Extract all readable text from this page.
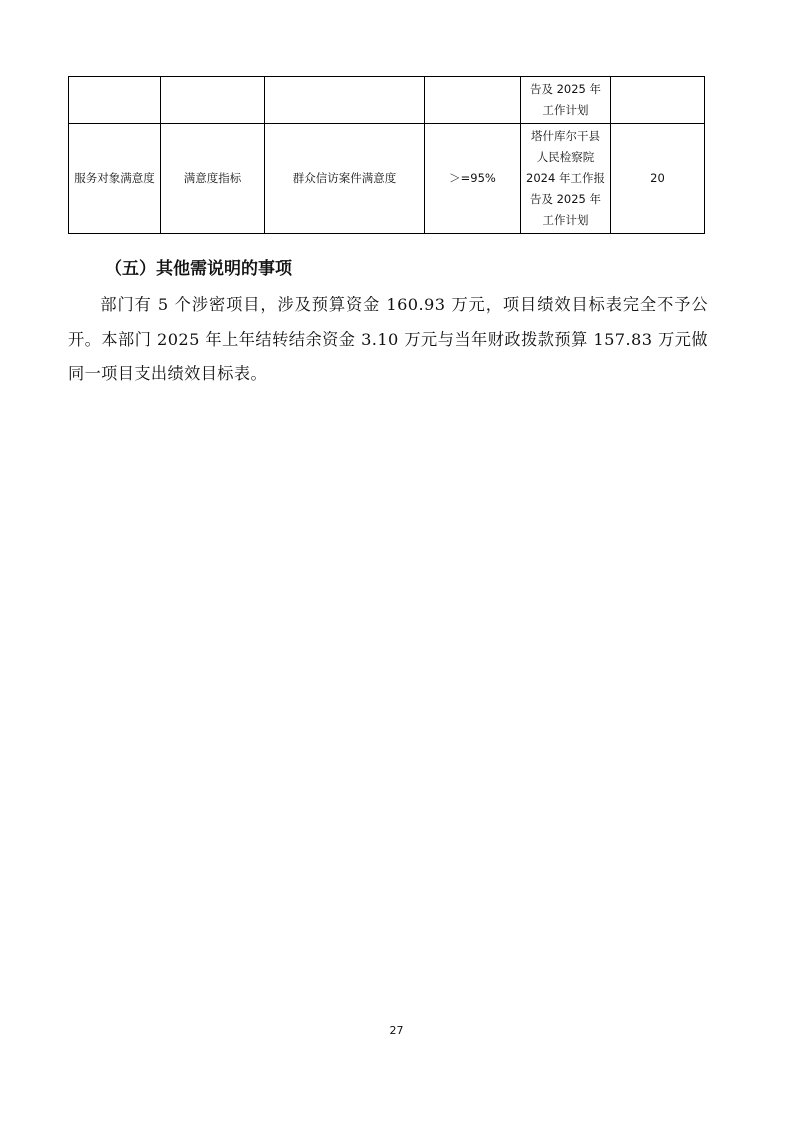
				告及 2025 年
工作计划	
服务对象满意度	满意度指标	群众信访案件满意度	＞=95%	塔什库尔干县
人民检察院
2024 年工作报
告及 2025 年
工作计划	20
（五）其他需说明的事项

部门有 5 个涉密项目，涉及预算资金 160.93 万元，项目绩效目标表完全不予公开。本部门 2025 年上年结转结余资金 3.10 万元与当年财政拨款预算 157.83 万元做同一项目支出绩效目标表。

27
